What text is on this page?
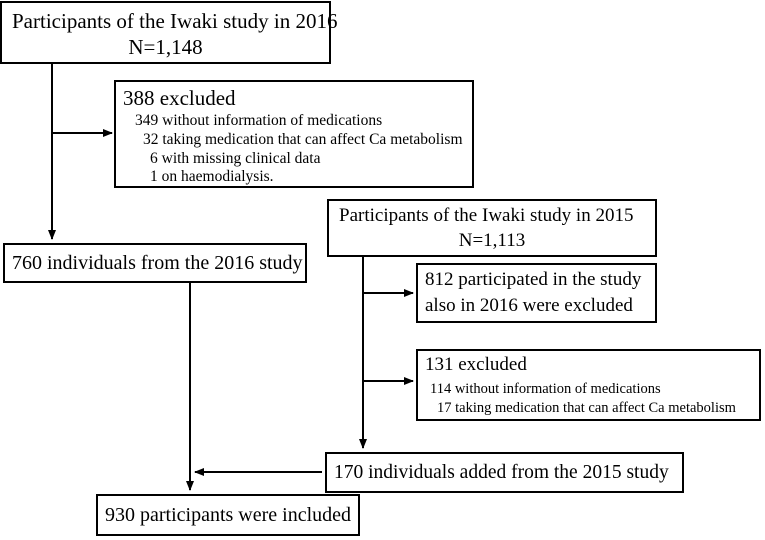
Participants of the Iwaki study in 2016
N=1,148
388 excluded
349 without information of medications
32 taking medication that can affect Ca metabolism
6 with missing clinical data
1 on haemodialysis.
Participants of the Iwaki study in 2015
N=1,113
760 individuals from the 2016 study
812 participated in the study
also in 2016 were excluded
131 excluded
114 without information of medications
17 taking medication that can affect Ca metabolism
170 individuals added from the 2015 study
930 participants were included
